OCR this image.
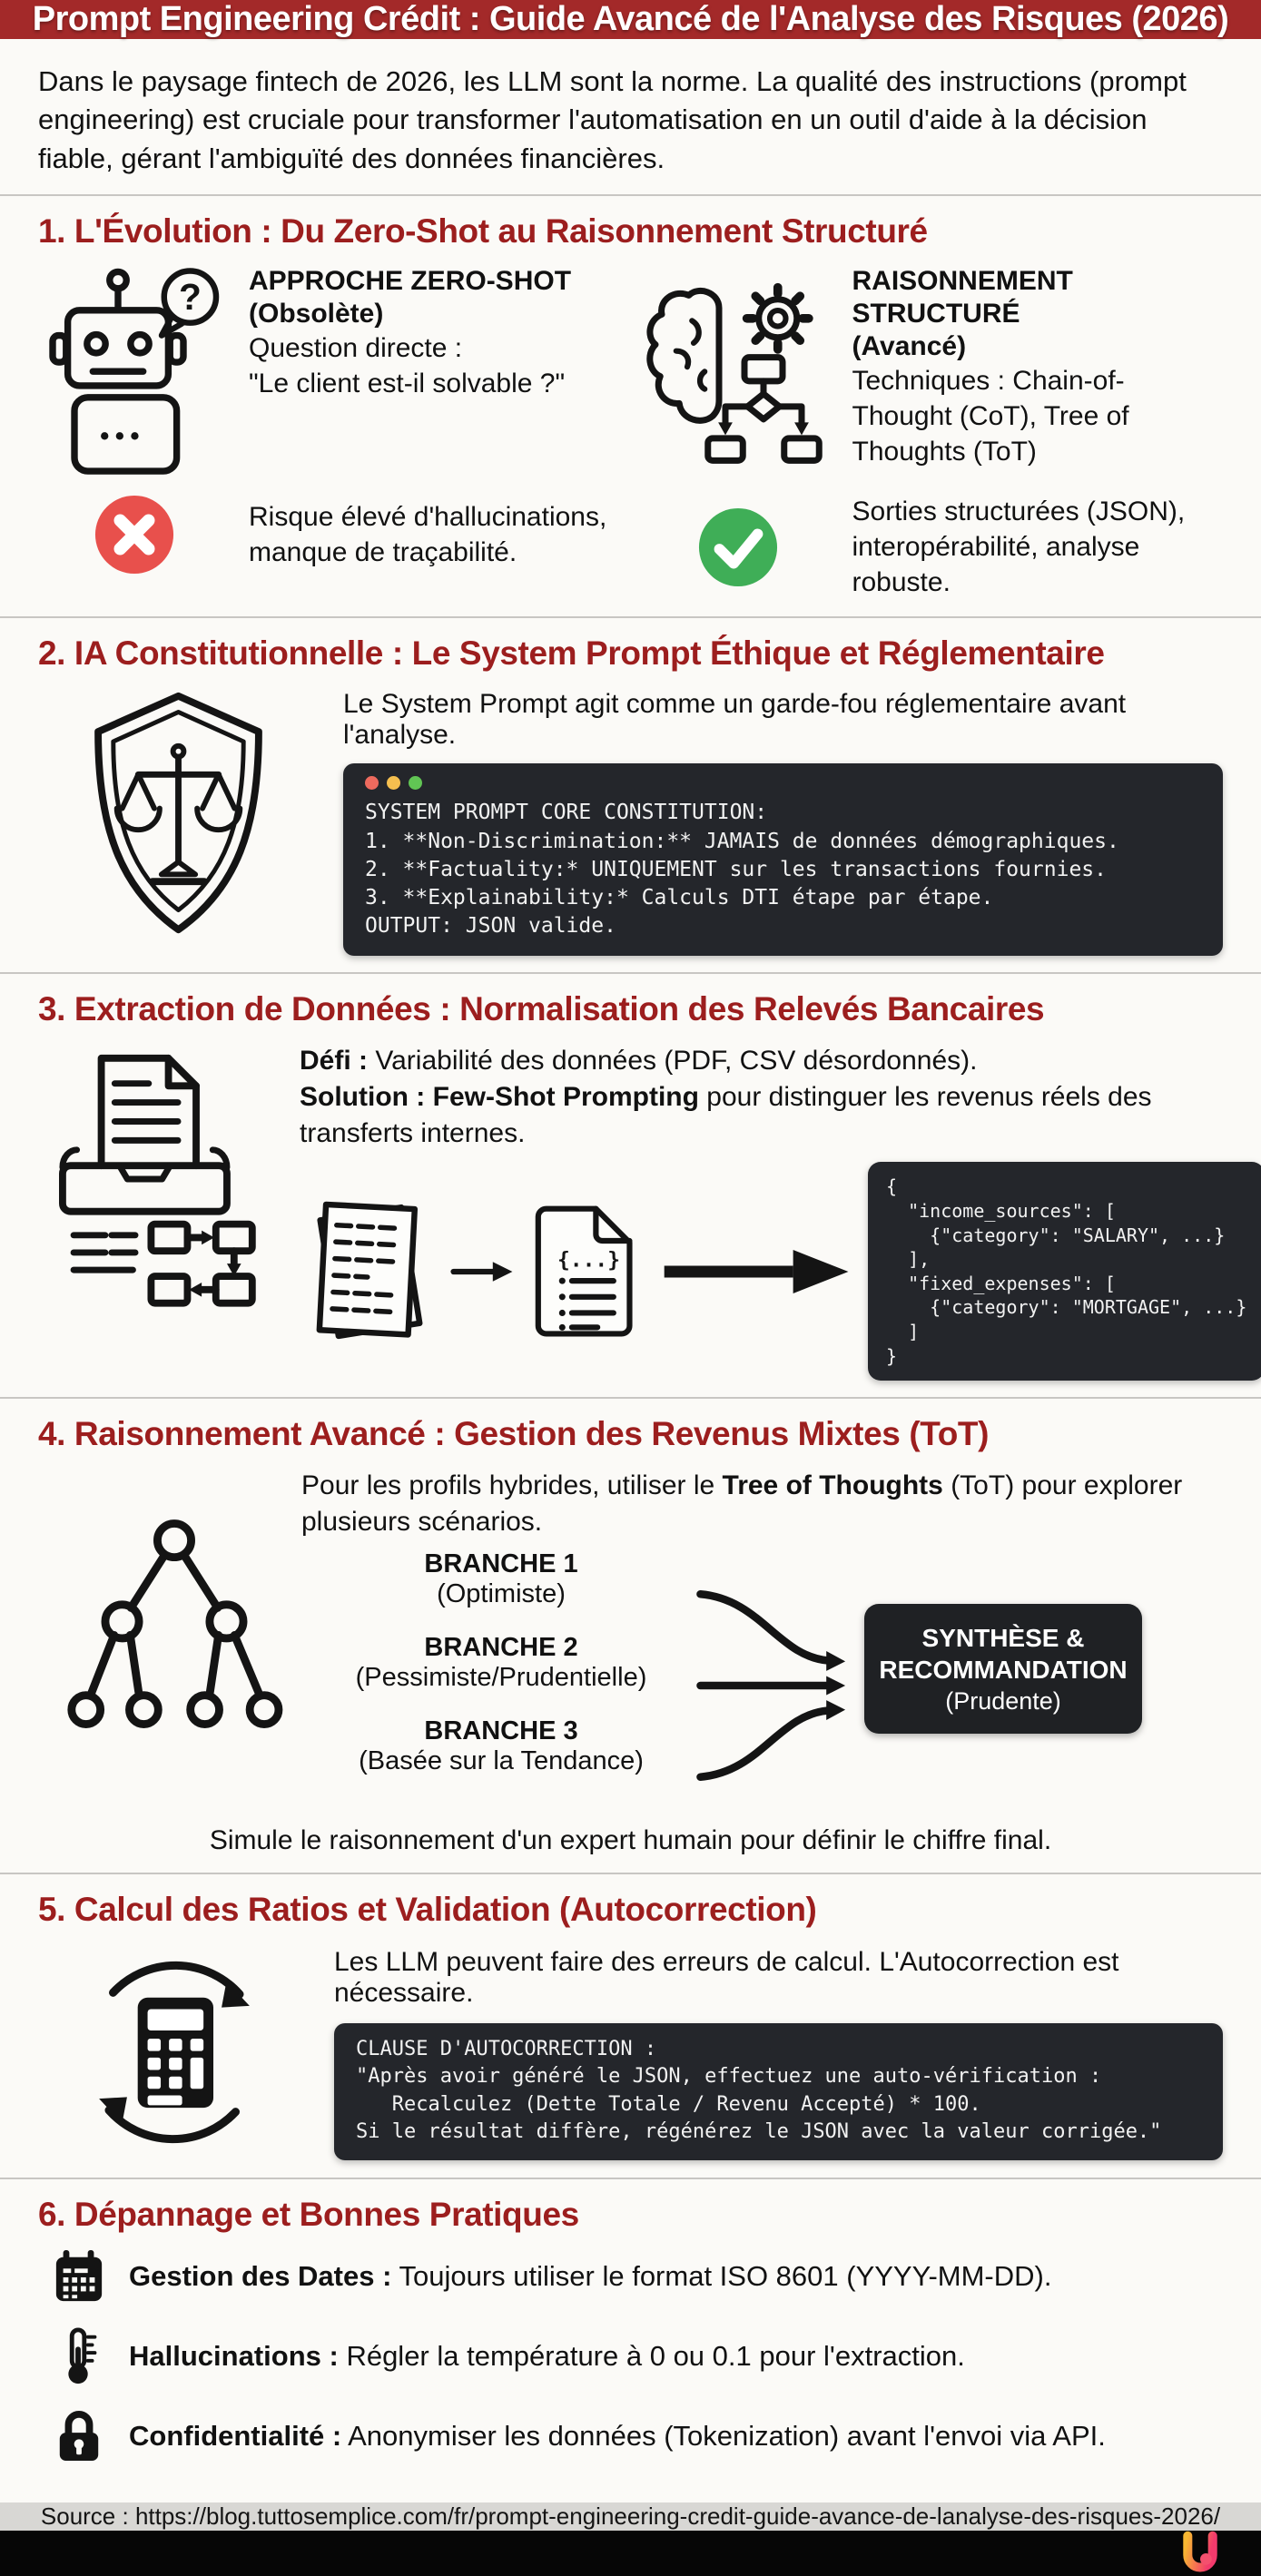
Prompt Engineering Crédit : Guide Avancé de l'Analyse des Risques (2026)

Dans le paysage fintech de 2026, les LLM sont la norme. La qualité des instructions (prompt engineering) est cruciale pour transformer l'automatisation en un outil d'aide à la décision fiable, gérant l'ambiguïté des données financières.

1. L'Évolution : Du Zero-Shot au Raisonnement Structuré
? APPROCHE ZERO-SHOT
(Obsolète)
Question directe :
"Le client est-il solvable ?"
Risque élevé d'hallucinations, manque de traçabilité.
RAISONNEMENT STRUCTURÉ
(Avancé)
Techniques : Chain-of-Thought (CoT), Tree of Thoughts (ToT)
Sorties structurées (JSON), interopérabilité, analyse robuste.
2. IA Constitutionnelle : Le System Prompt Éthique et Réglementaire

Le System Prompt agit comme un garde-fou réglementaire avant l'analyse.

SYSTEM PROMPT CORE CONSTITUTION:
1. **Non-Discrimination:** JAMAIS de données démographiques.
2. **Factuality:* UNIQUEMENT sur les transactions fournies.
3. **Explainability:* Calculs DTI étape par étape.
OUTPUT: JSON valide.
3. Extraction de Données : Normalisation des Relevés Bancaires

Défi : Variabilité des données (PDF, CSV désordonnés).
Solution : Few-Shot Prompting pour distinguer les revenus réels des transferts internes.

{...}
{
"income_sources": [
{"category": "SALARY", ...}
],
"fixed_expenses": [
{"category": "MORTGAGE", ...}
]
}
4. Raisonnement Avancé : Gestion des Revenus Mixtes (ToT)

Pour les profils hybrides, utiliser le Tree of Thoughts (ToT) pour explorer plusieurs scénarios.

BRANCHE 1
(Optimiste)
BRANCHE 2
(Pessimiste/Prudentielle)
BRANCHE 3
(Basée sur la Tendance)
SYNTHÈSE &
RECOMMANDATION
(Prudente)

Simule le raisonnement d'un expert humain pour définir le chiffre final.

5. Calcul des Ratios et Validation (Autocorrection)

Les LLM peuvent faire des erreurs de calcul. L'Autocorrection est nécessaire.

CLAUSE D'AUTOCORRECTION :
"Après avoir généré le JSON, effectuez une auto-vérification :
Recalculez (Dette Totale / Revenu Accepté) * 100.
Si le résultat diffère, régénérez le JSON avec la valeur corrigée."
6. Dépannage et Bonnes Pratiques
Gestion des Dates : Toujours utiliser le format ISO 8601 (YYYY-MM-DD).
Hallucinations : Régler la température à 0 ou 0.1 pour l'extraction.
Confidentialité : Anonymiser les données (Tokenization) avant l'envoi via API.
Source : https://blog.tuttosemplice.com/fr/prompt-engineering-credit-guide-avance-de-lanalyse-des-risques-2026/
